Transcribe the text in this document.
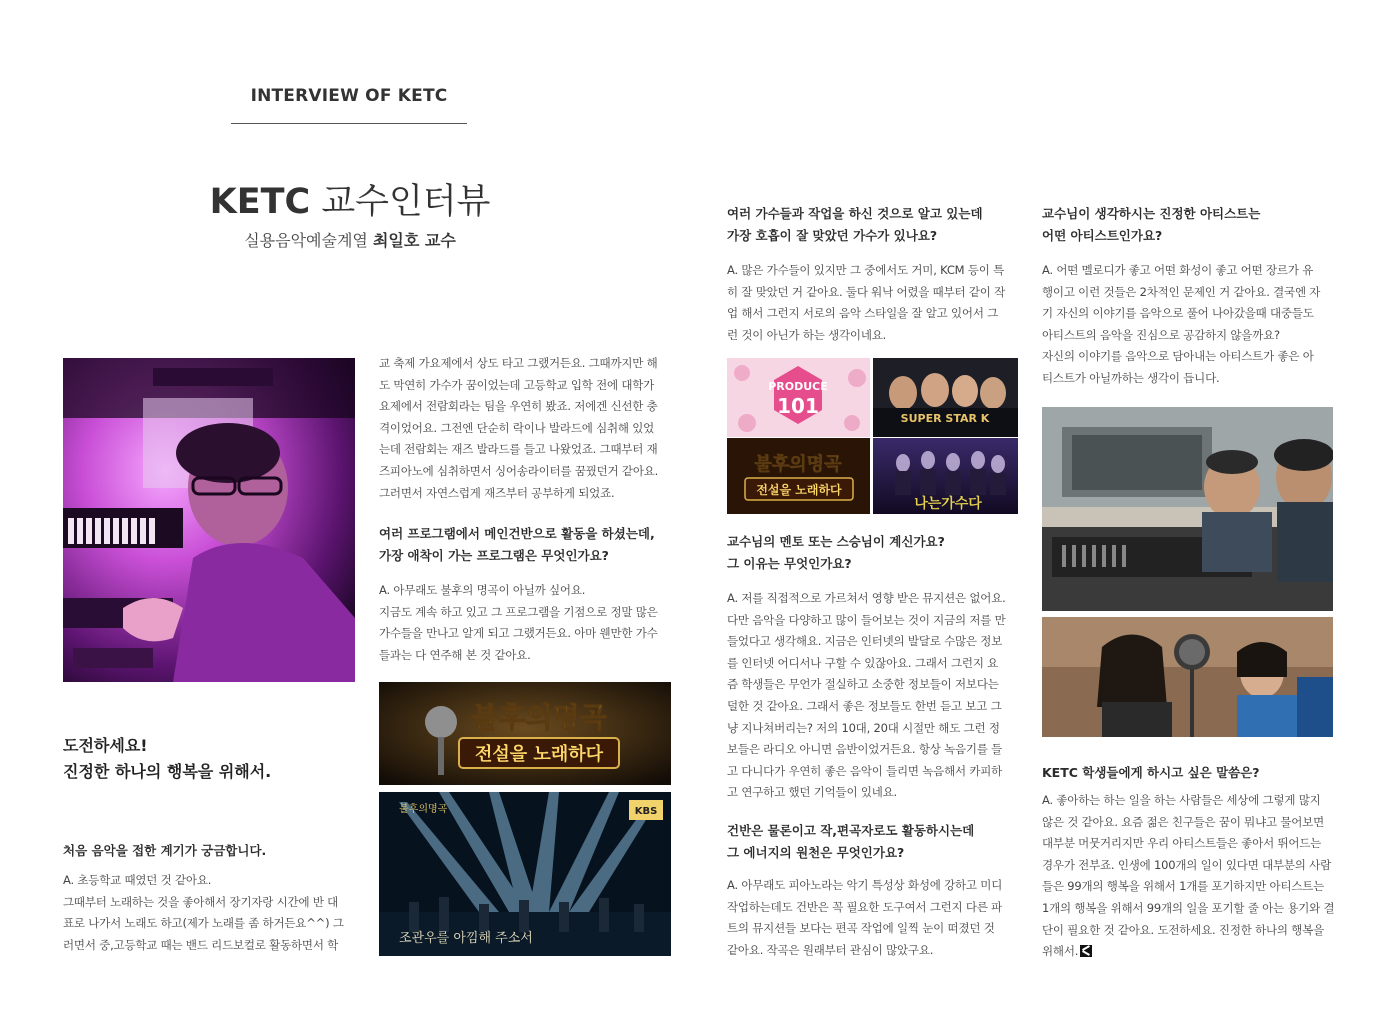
INTERVIEW OF KETC
KETC 교수인터뷰
실용음악예술계열 최일호 교수
도전하세요!
진정한 하나의 행복을 위해서.
처음 음악을 접한 계기가 궁금합니다.
A. 초등학교 때였던 것 같아요.
그때부터 노래하는 것을 좋아해서 장기자랑 시간에 반 대
표로 나가서 노래도 하고(제가 노래를 좀 하거든요^^) 그
러면서 중,고등학교 때는 밴드 리드보컬로 활동하면서 학
교 축제 가요제에서 상도 타고 그랬거든요. 그때까지만 해
도 막연히 가수가 꿈이었는데 고등학교 입학 전에 대학가
요제에서 전람회라는 팀을 우연히 봤죠. 저에겐 신선한 충
격이었어요. 그전엔 단순히 락이나 발라드에 심취해 있었
는데 전람회는 재즈 발라드를 들고 나왔었죠. 그때부터 재
즈피아노에 심취하면서 싱어송라이터를 꿈꿨던거 같아요.
그러면서 자연스럽게 재즈부터 공부하게 되었죠.
여러 프로그램에서 메인건반으로 활동을 하셨는데,
가장 애착이 가는 프로그램은 무엇인가요?
A. 아무래도 불후의 명곡이 아닐까 싶어요.
지금도 계속 하고 있고 그 프로그램을 기점으로 정말 많은
가수들을 만나고 알게 되고 그랬거든요. 아마 웬만한 가수
들과는 다 연주해 본 것 같아요.
불후의명곡
전설을 노래하다
불후의명곡	KBS
조관우를 아낌해 주소서
여러 가수들과 작업을 하신 것으로 알고 있는데
가장 호흡이 잘 맞았던 가수가 있나요?
A. 많은 가수들이 있지만 그 중에서도 거미, KCM 등이 특
히 잘 맞았던 거 같아요. 둘다 워낙 어렸을 때부터 같이 작
업 해서 그런지 서로의 음악 스타일을 잘 알고 있어서 그
런 것이 아닌가 하는 생각이네요.
PRODUCE
101
SUPER STAR K
불후의명곡
전설을 노래하다
나는가수다
교수님의 멘토 또는 스승님이 계신가요?
그 이유는 무엇인가요?
A. 저를 직접적으로 가르쳐서 영향 받은 뮤지션은 없어요.
다만 음악을 다양하고 많이 들어보는 것이 지금의 저를 만
들었다고 생각해요. 지금은 인터넷의 발달로 수많은 정보
를 인터넷 어디서나 구할 수 있잖아요. 그래서 그런지 요
즘 학생들은 무언가 절실하고 소중한 정보들이 저보다는
덜한 것 같아요. 그래서 좋은 정보들도 한번 듣고 보고 그
냥 지나쳐버리는? 저의 10대, 20대 시절만 해도 그런 정
보들은 라디오 아니면 음반이었거든요. 항상 녹음기를 들
고 다니다가 우연히 좋은 음악이 들리면 녹음해서 카피하
고 연구하고 했던 기억들이 있네요.
건반은 물론이고 작,편곡자로도 활동하시는데
그 에너지의 원천은 무엇인가요?
A. 아무래도 피아노라는 악기 특성상 화성에 강하고 미디
작업하는데도 건반은 꼭 필요한 도구여서 그런지 다른 파
트의 뮤지션들 보다는 편곡 작업에 일찍 눈이 떠졌던 것
같아요. 작곡은 원래부터 관심이 많았구요.
교수님이 생각하시는 진정한 아티스트는
어떤 아티스트인가요?
A. 어떤 멜로디가 좋고 어떤 화성이 좋고 어떤 장르가 유
행이고 이런 것들은 2차적인 문제인 거 같아요. 결국엔 자
기 자신의 이야기를 음악으로 풀어 나아갔을때 대중들도
아티스트의 음악을 진심으로 공감하지 않을까요?
자신의 이야기를 음악으로 담아내는 아티스트가 좋은 아
티스트가 아닐까하는 생각이 듭니다.
KETC 학생들에게 하시고 싶은 말씀은?
A. 좋아하는 하는 일을 하는 사람들은 세상에 그렇게 많지
않은 것 같아요. 요즘 젊은 친구들은 꿈이 뭐냐고 물어보면
대부분 머뭇거리지만 우리 아티스트들은 좋아서 뛰어드는
경우가 전부죠. 인생에 100개의 일이 있다면 대부분의 사람
들은 99개의 행복을 위해서 1개를 포기하지만 아티스트는
1개의 행복을 위해서 99개의 일을 포기할 줄 아는 용기와 결
단이 필요한 것 같아요. 도전하세요. 진정한 하나의 행복을
위해서.
